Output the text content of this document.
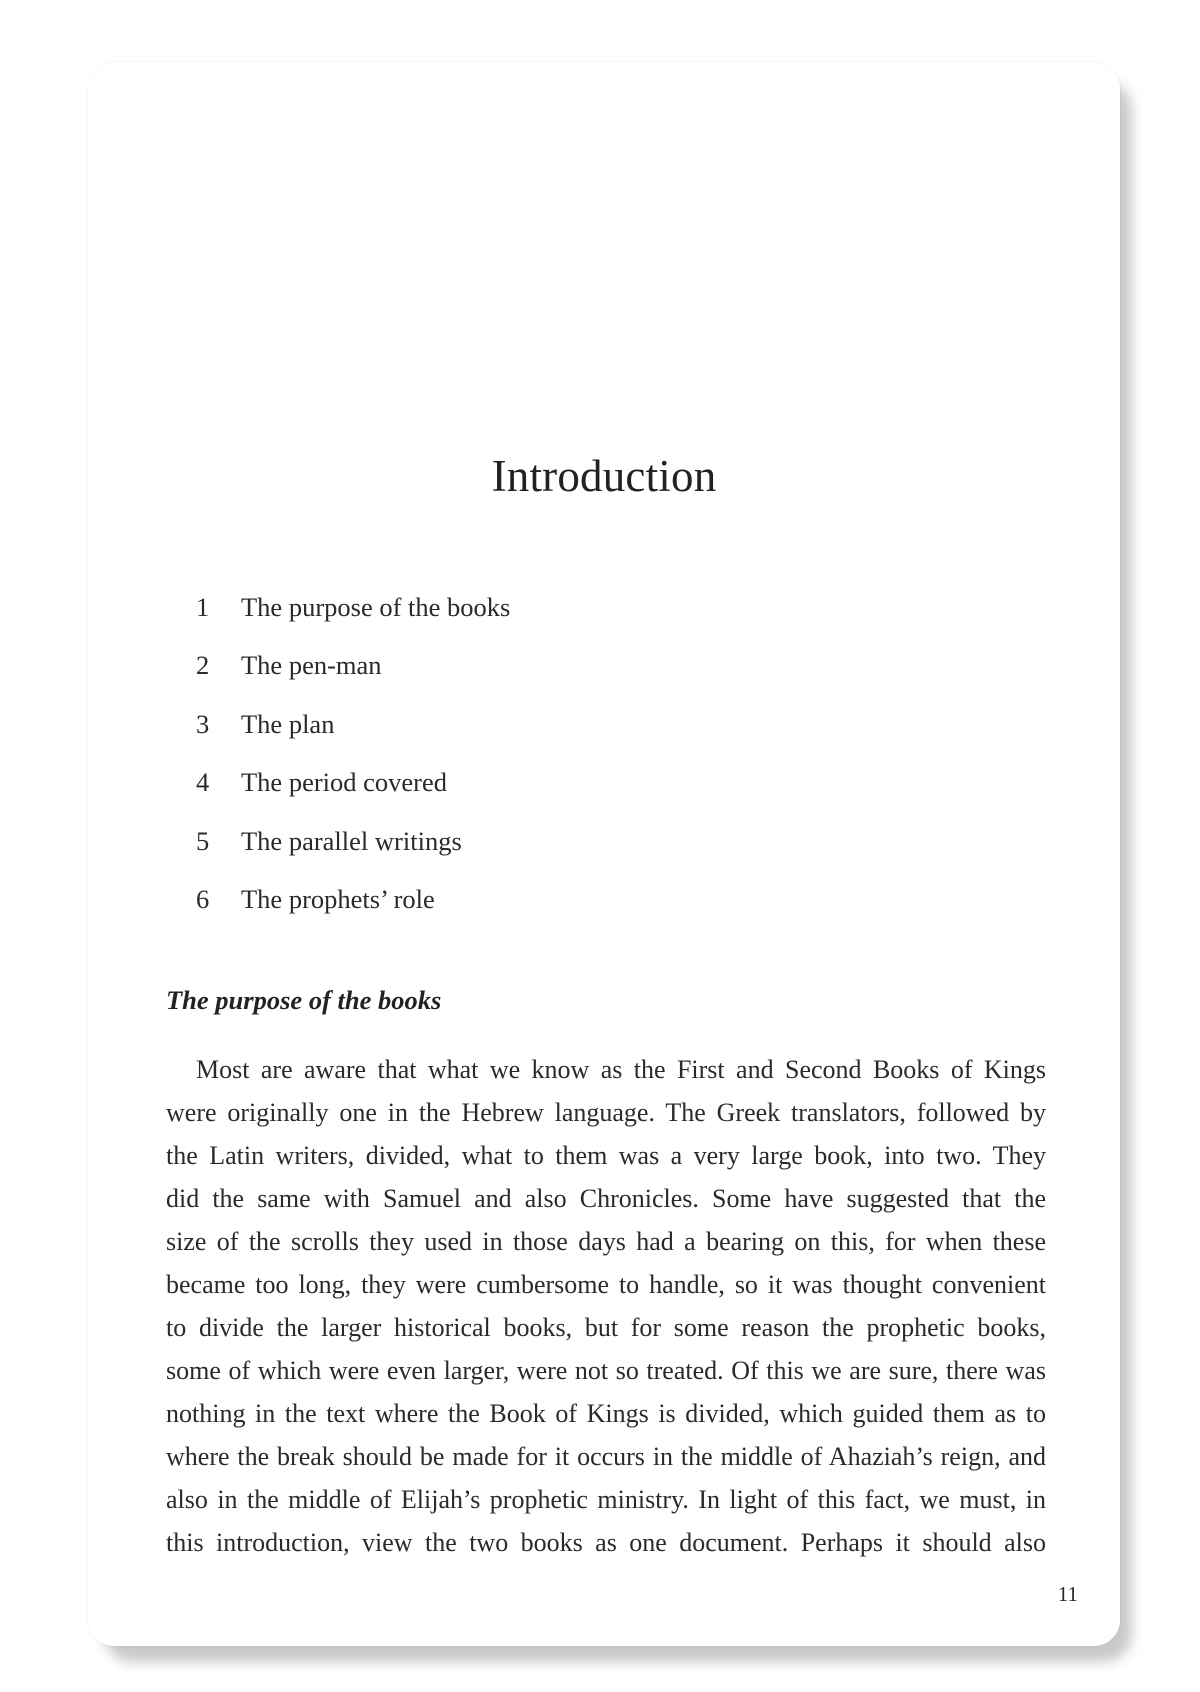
Introduction
1	The purpose of the books
2	The pen-man
3	The plan
4	The period covered
5	The parallel writings
6	The prophets’ role
The purpose of the books
Most are aware that what we know as the First and Second Books of Kings
were originally one in the Hebrew language. The Greek translators, followed by
the Latin writers, divided, what to them was a very large book, into two. They
did the same with Samuel and also Chronicles. Some have suggested that the
size of the scrolls they used in those days had a bearing on this, for when these
became too long, they were cumbersome to handle, so it was thought convenient
to divide the larger historical books, but for some reason the prophetic books,
some of which were even larger, were not so treated. Of this we are sure, there was
nothing in the text where the Book of Kings is divided, which guided them as to
where the break should be made for it occurs in the middle of Ahaziah’s reign, and
also in the middle of Elijah’s prophetic ministry. In light of this fact, we must, in
this introduction, view the two books as one document. Perhaps it should also
11
